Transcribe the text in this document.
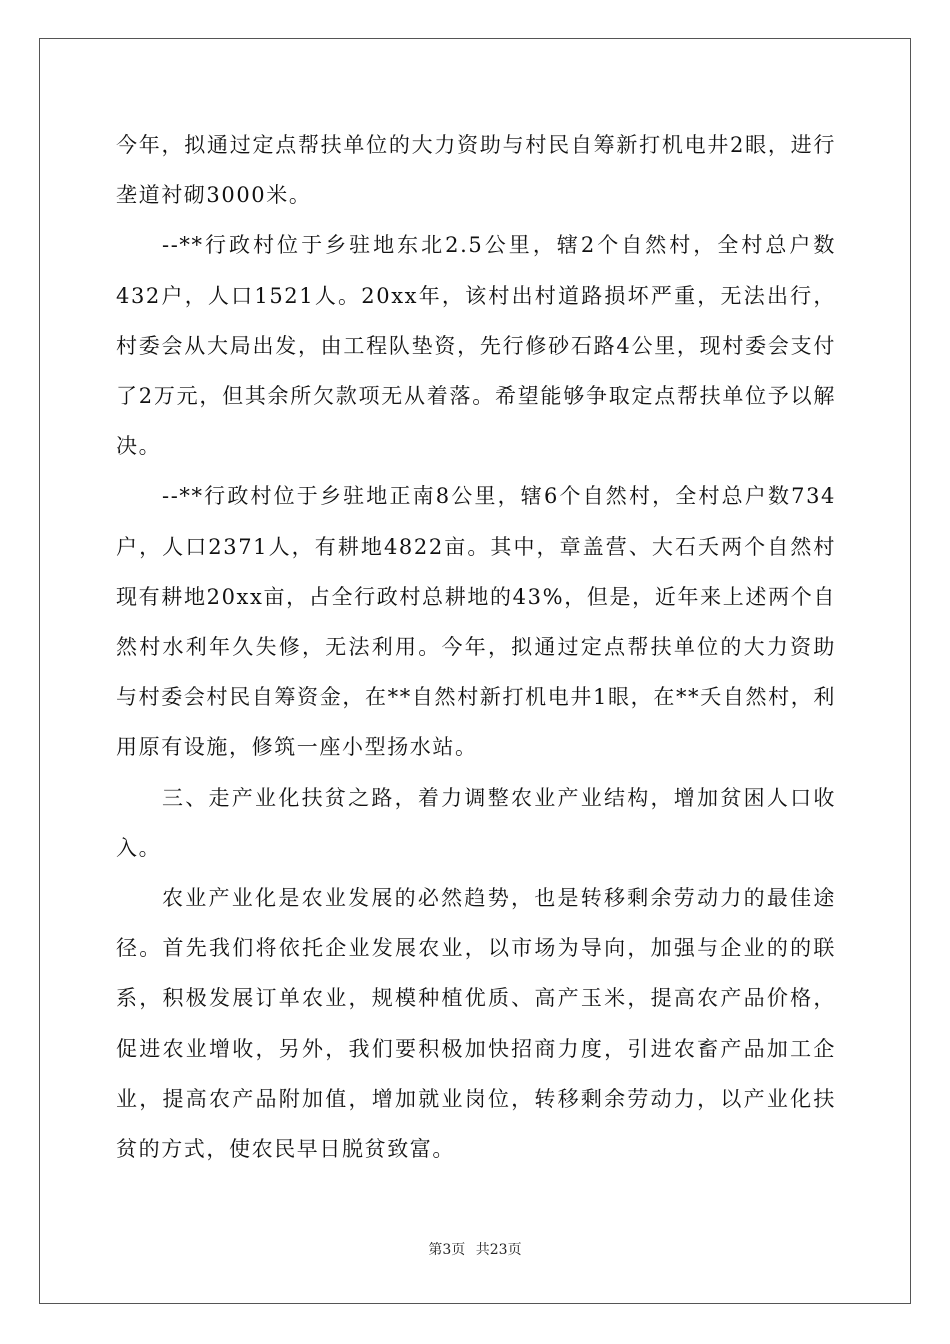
今年，拟通过定点帮扶单位的大力资助与村民自筹新打机电井2眼，进行垄道衬砌3000米。

--**行政村位于乡驻地东北2.5公里，辖2个自然村，全村总户数432户，人口1521人。20xx年，该村出村道路损坏严重，无法出行，村委会从大局出发，由工程队垫资，先行修砂石路4公里，现村委会支付了2万元，但其余所欠款项无从着落。希望能够争取定点帮扶单位予以解决。

--**行政村位于乡驻地正南8公里，辖6个自然村，全村总户数734户，人口2371人，有耕地4822亩。其中，章盖营、大石夭两个自然村现有耕地20xx亩，占全行政村总耕地的43%，但是，近年来上述两个自然村水利年久失修，无法利用。今年，拟通过定点帮扶单位的大力资助与村委会村民自筹资金，在**自然村新打机电井1眼，在**夭自然村，利用原有设施，修筑一座小型扬水站。

三、走产业化扶贫之路，着力调整农业产业结构，增加贫困人口收入。

农业产业化是农业发展的必然趋势，也是转移剩余劳动力的最佳途径。首先我们将依托企业发展农业，以市场为导向，加强与企业的的联系，积极发展订单农业，规模种植优质、高产玉米，提高农产品价格，促进农业增收，另外，我们要积极加快招商力度，引进农畜产品加工企业，提高农产品附加值，增加就业岗位，转移剩余劳动力，以产业化扶贫的方式，使农民早日脱贫致富。

第3页 共23页
